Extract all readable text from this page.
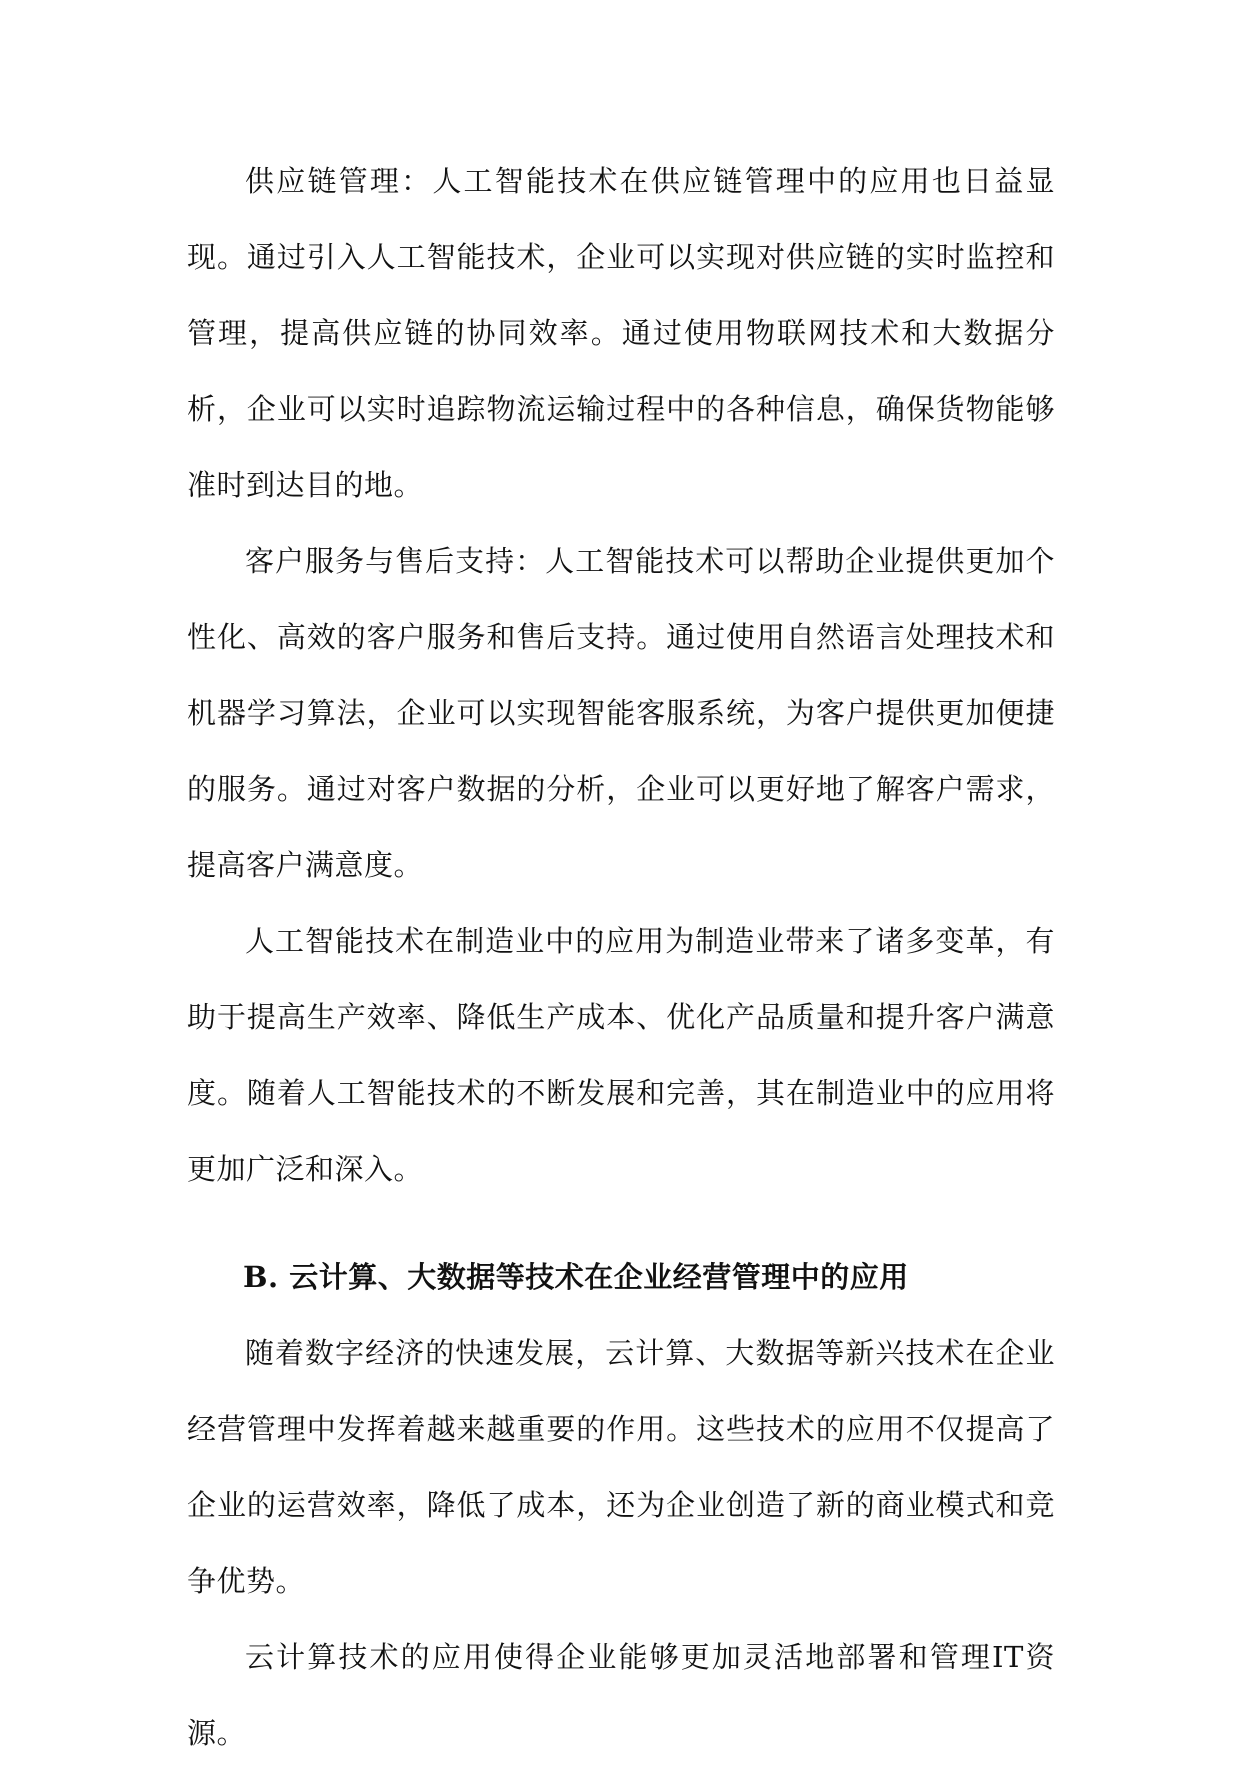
供应链管理：人工智能技术在供应链管理中的应用也日益显现。通过引入人工智能技术，企业可以实现对供应链的实时监控和管理，提高供应链的协同效率。通过使用物联网技术和大数据分析，企业可以实时追踪物流运输过程中的各种信息，确保货物能够准时到达目的地。

客户服务与售后支持：人工智能技术可以帮助企业提供更加个性化、高效的客户服务和售后支持。通过使用自然语言处理技术和机器学习算法，企业可以实现智能客服系统，为客户提供更加便捷的服务。通过对客户数据的分析，企业可以更好地了解客户需求，提高客户满意度。

人工智能技术在制造业中的应用为制造业带来了诸多变革，有助于提高生产效率、降低生产成本、优化产品质量和提升客户满意度。随着人工智能技术的不断发展和完善，其在制造业中的应用将更加广泛和深入。

B. 云计算、大数据等技术在企业经营管理中的应用

随着数字经济的快速发展，云计算、大数据等新兴技术在企业经营管理中发挥着越来越重要的作用。这些技术的应用不仅提高了企业的运营效率，降低了成本，还为企业创造了新的商业模式和竞争优势。

云计算技术的应用使得企业能够更加灵活地部署和管理IT资源。
